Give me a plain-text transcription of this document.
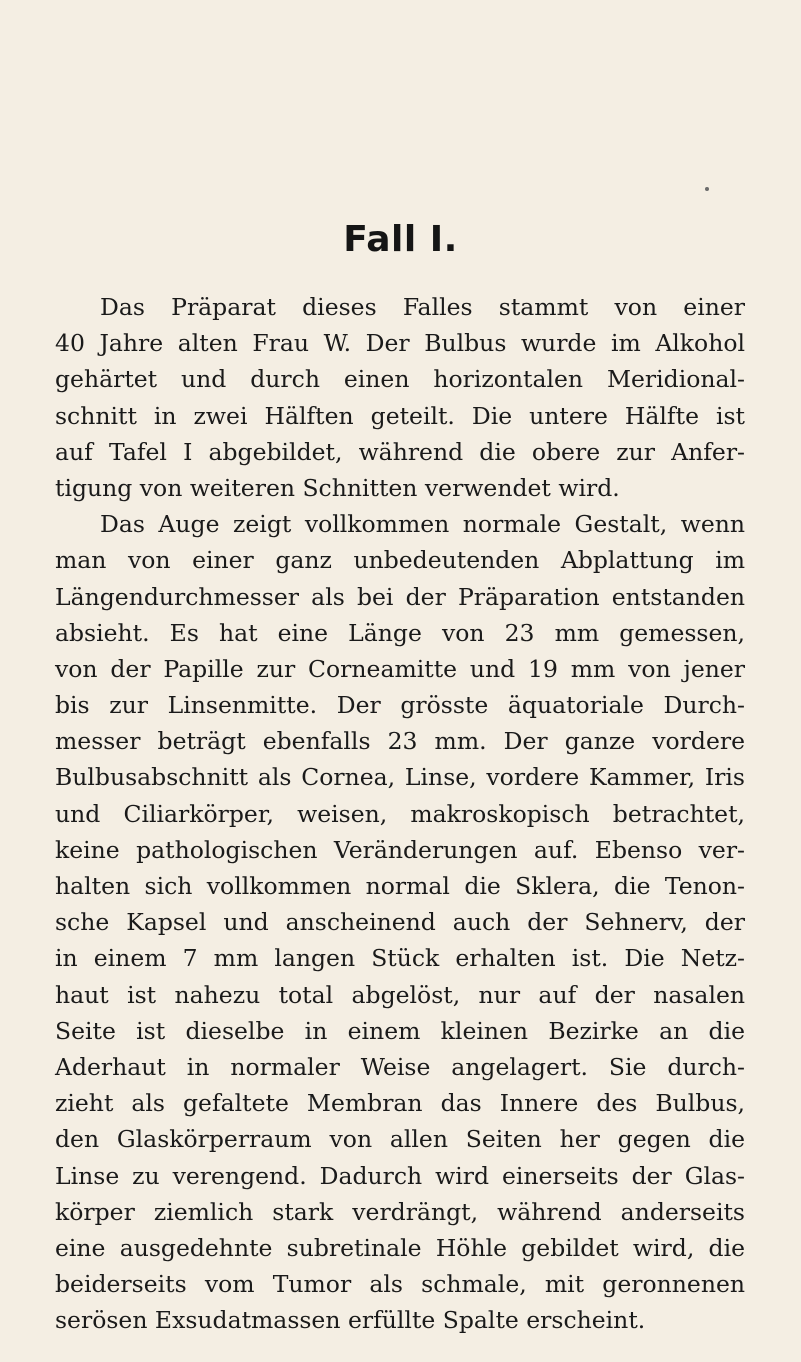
Fall I.
Das Präparat dieses Falles stammt von einer
40 Jahre alten Frau W. Der Bulbus wurde im Alkohol
gehärtet und durch einen horizontalen Meridional-
schnitt in zwei Hälften geteilt. Die untere Hälfte ist
auf Tafel I abgebildet, während die obere zur Anfer-
tigung von weiteren Schnitten verwendet wird.
Das Auge zeigt vollkommen normale Gestalt, wenn
man von einer ganz unbedeutenden Abplattung im
Längendurchmesser als bei der Präparation entstanden
absieht. Es hat eine Länge von 23 mm gemessen,
von der Papille zur Corneamitte und 19 mm von jener
bis zur Linsenmitte. Der grösste äquatoriale Durch-
messer beträgt ebenfalls 23 mm. Der ganze vordere
Bulbusabschnitt als Cornea, Linse, vordere Kammer, Iris
und Ciliarkörper, weisen, makroskopisch betrachtet,
keine pathologischen Veränderungen auf. Ebenso ver-
halten sich vollkommen normal die Sklera, die Tenon-
sche Kapsel und anscheinend auch der Sehnerv, der
in einem 7 mm langen Stück erhalten ist. Die Netz-
haut ist nahezu total abgelöst, nur auf der nasalen
Seite ist dieselbe in einem kleinen Bezirke an die
Aderhaut in normaler Weise angelagert. Sie durch-
zieht als gefaltete Membran das Innere des Bulbus,
den Glaskörperraum von allen Seiten her gegen die
Linse zu verengend. Dadurch wird einerseits der Glas-
körper ziemlich stark verdrängt, während anderseits
eine ausgedehnte subretinale Höhle gebildet wird, die
beiderseits vom Tumor als schmale, mit geronnenen
serösen Exsudatmassen erfüllte Spalte erscheint.
